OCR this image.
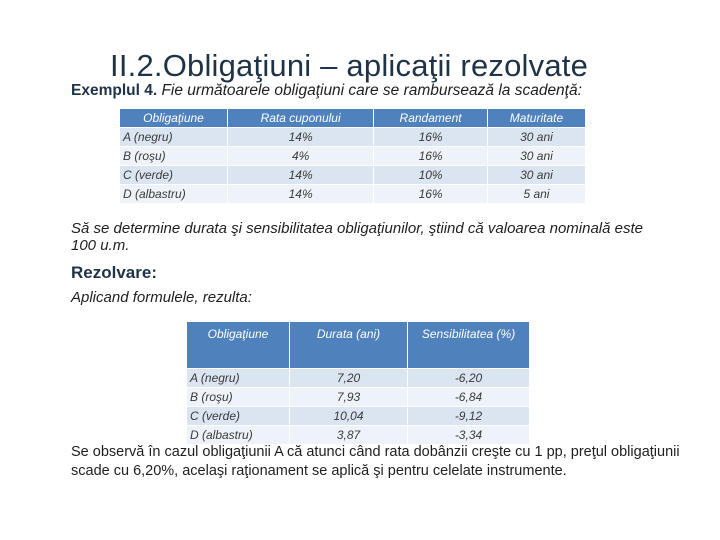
II.2.Obligaţiuni – aplicaţii rezolvate
Exemplul 4. Fie următoarele obligaţiuni care se rambursează la scadenţă:
Obligaţiune	Rata cuponului	Randament	Maturitate
A (negru)	14%	16%	30 ani
B (roşu)	4%	16%	30 ani
C (verde)	14%	10%	30 ani
D (albastru)	14%	16%	5 ani
Să se determine durata şi sensibilitatea obligaţiunilor, ştiind că valoarea nominală este 100 u.m.
Rezolvare:
Aplicand formulele, rezulta:
Obligaţiune	Durata (ani)	Sensibilitatea (%)
A (negru)	7,20	-6,20
B (roşu)	7,93	-6,84
C (verde)	10,04	-9,12
D (albastru)	3,87	-3,34
Se observă în cazul obligaţiunii A că atunci când rata dobânzii creşte cu 1 pp, preţul obligaţiunii scade cu 6,20%, acelaşi raţionament se aplică şi pentru celelate instrumente.
